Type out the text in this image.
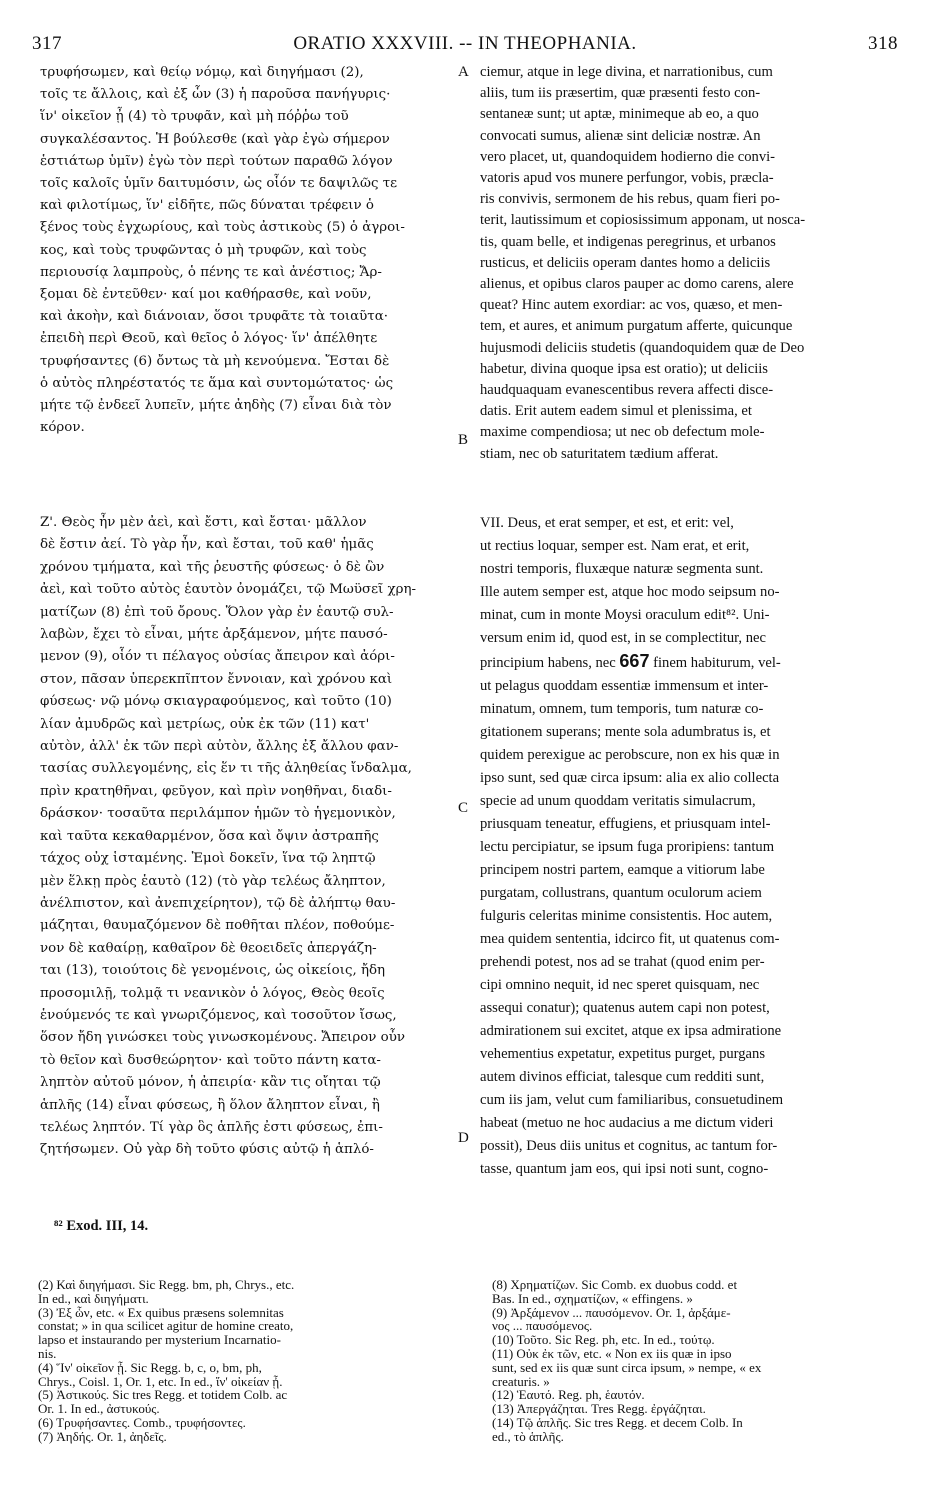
317	ORATIO XXXVIII. -- IN THEOPHANIA.	318
τρυφήσωμεν, καὶ θείῳ νόμῳ, καὶ διηγήμασι (2),
τοῖς τε ἄλλοις, καὶ ἐξ ὧν (3) ἡ παροῦσα πανήγυρις·
ἵν' οἰκεῖον ᾖ (4) τὸ τρυφᾶν, καὶ μὴ πόῤῥω τοῦ
συγκαλέσαντος. Ἡ βούλεσθε (καὶ γὰρ ἐγὼ σήμερον
ἑστιάτωρ ὑμῖν) ἐγὼ τὸν περὶ τούτων παραθῶ λόγον
τοῖς καλοῖς ὑμῖν δαιτυμόσιν, ὡς οἷόν τε δαψιλῶς τε
καὶ φιλοτίμως, ἵν' εἰδῆτε, πῶς δύναται τρέφειν ὁ
ξένος τοὺς ἐγχωρίους, καὶ τοὺς ἀστικοὺς (5) ὁ ἀγροι-
κος, καὶ τοὺς τρυφῶντας ὁ μὴ τρυφῶν, καὶ τοὺς
περιουσίᾳ λαμπροὺς, ὁ πένης τε καὶ ἀνέστιος; Ἄρ-
ξομαι δὲ ἐντεῦθεν· καί μοι καθήρασθε, καὶ νοῦν,
καὶ ἀκοὴν, καὶ διάνοιαν, ὅσοι τρυφᾶτε τὰ τοιαῦτα·
ἐπειδὴ περὶ Θεοῦ, καὶ θεῖος ὁ λόγος· ἵν' ἀπέλθητε
τρυφήσαντες (6) ὄντως τὰ μὴ κενούμενα. Ἔσται δὲ
ὁ αὐτὸς πληρέστατός τε ἅμα καὶ συντομώτατος· ὡς
μήτε τῷ ἐνδεεῖ λυπεῖν, μήτε ἀηδὴς (7) εἶναι διὰ τὸν
κόρον.
ciemur, atque in lege divina, et narrationibus, cum
aliis, tum iis præsertim, quæ præsenti festo con-
sentaneæ sunt; ut aptæ, minimeque ab eo, a quo
convocati sumus, alienæ sint deliciæ nostræ. An
vero placet, ut, quandoquidem hodierno die convi-
vatoris apud vos munere perfungor, vobis, præcla-
ris convivis, sermonem de his rebus, quam fieri po-
terit, lautissimum et copiosissimum apponam, ut nosca-
tis, quam belle, et indigenas peregrinus, et urbanos
rusticus, et deliciis operam dantes homo a deliciis
alienus, et opibus claros pauper ac domo carens, alere
queat? Hinc autem exordiar: ac vos, quæso, et men-
tem, et aures, et animum purgatum afferte, quicunque
hujusmodi deliciis studetis (quandoquidem quæ de Deo
habetur, divina quoque ipsa est oratio); ut deliciis
haudquaquam evanescentibus revera affecti disce-
datis. Erit autem eadem simul et plenissima, et
maxime compendiosa; ut nec ob defectum mole-
stiam, nec ob saturitatem tædium afferat.
A
B
C
D
Ζ'. Θεὸς ἦν μὲν ἀεὶ, καὶ ἔστι, καὶ ἔσται· μᾶλλον
δὲ ἔστιν ἀεί. Τὸ γὰρ ἦν, καὶ ἔσται, τοῦ καθ' ἡμᾶς
χρόνου τμήματα, καὶ τῆς ῥευστῆς φύσεως· ὁ δὲ ὢν
ἀεὶ, καὶ τοῦτο αὐτὸς ἑαυτὸν ὀνομάζει, τῷ Μωϋσεῖ χρη-
ματίζων (8) ἐπὶ τοῦ ὄρους. Ὅλον γὰρ ἐν ἑαυτῷ συλ-
λαβὼν, ἔχει τὸ εἶναι, μήτε ἀρξάμενον, μήτε παυσό-
μενον (9), οἷόν τι πέλαγος οὐσίας ἄπειρον καὶ ἀόρι-
στον, πᾶσαν ὑπερεκπῖπτον ἔννοιαν, καὶ χρόνου καὶ
φύσεως· νῷ μόνῳ σκιαγραφούμενος, καὶ τοῦτο (10)
λίαν ἀμυδρῶς καὶ μετρίως, οὐκ ἐκ τῶν (11) κατ'
αὐτὸν, ἀλλ' ἐκ τῶν περὶ αὐτὸν, ἄλλης ἐξ ἄλλου φαν-
τασίας συλλεγομένης, εἰς ἕν τι τῆς ἀληθείας ἴνδαλμα,
πρὶν κρατηθῆναι, φεῦγον, καὶ πρὶν νοηθῆναι, διαδι-
δράσκον· τοσαῦτα περιλάμπον ἡμῶν τὸ ἡγεμονικὸν,
καὶ ταῦτα κεκαθαρμένον, ὅσα καὶ ὄψιν ἀστραπῆς
τάχος οὐχ ἱσταμένης. Ἐμοὶ δοκεῖν, ἵνα τῷ ληπτῷ
μὲν ἕλκῃ πρὸς ἑαυτὸ (12) (τὸ γὰρ τελέως ἄληπτον,
ἀνέλπιστον, καὶ ἀνεπιχείρητον), τῷ δὲ ἀλήπτῳ θαυ-
μάζηται, θαυμαζόμενον δὲ ποθῆται πλέον, ποθούμε-
νον δὲ καθαίρῃ, καθαῖρον δὲ θεοειδεῖς ἀπεργάζη-
ται (13), τοιούτοις δὲ γενομένοις, ὡς οἰκείοις, ἤδη
προσομιλῇ, τολμᾷ τι νεανικὸν ὁ λόγος, Θεὸς θεοῖς
ἑνούμενός τε καὶ γνωριζόμενος, καὶ τοσοῦτον ἴσως,
ὅσον ἤδη γινώσκει τοὺς γινωσκομένους. Ἄπειρον οὖν
τὸ θεῖον καὶ δυσθεώρητον· καὶ τοῦτο πάντη κατα-
ληπτὸν αὐτοῦ μόνον, ἡ ἀπειρία· κἂν τις οἴηται τῷ
ἁπλῆς (14) εἶναι φύσεως, ἢ ὅλον ἄληπτον εἶναι, ἢ
τελέως ληπτόν. Τί γὰρ ὃς ἁπλῆς ἐστι φύσεως, ἐπι-
ζητήσωμεν. Οὐ γὰρ δὴ τοῦτο φύσις αὐτῷ ἡ ἁπλό-
VII. Deus, et erat semper, et est, et erit: vel,
ut rectius loquar, semper est. Nam erat, et erit,
nostri temporis, fluxæque naturæ segmenta sunt.
Ille autem semper est, atque hoc modo seipsum no-
minat, cum in monte Moysi oraculum edit⁸². Uni-
versum enim id, quod est, in se complectitur, nec
principium habens, nec 667 finem habiturum, vel-
ut pelagus quoddam essentiæ immensum et inter-
minatum, omnem, tum temporis, tum naturæ co-
gitationem superans; mente sola adumbratus is, et
quidem perexigue ac perobscure, non ex his quæ in
ipso sunt, sed quæ circa ipsum: alia ex alio collecta
specie ad unum quoddam veritatis simulacrum,
priusquam teneatur, effugiens, et priusquam intel-
lectu percipiatur, se ipsum fuga proripiens: tantum
principem nostri partem, eamque a vitiorum labe
purgatam, collustrans, quantum oculorum aciem
fulguris celeritas minime consistentis. Hoc autem,
mea quidem sententia, idcirco fit, ut quatenus com-
prehendi potest, nos ad se trahat (quod enim per-
cipi omnino nequit, id nec speret quisquam, nec
assequi conatur); quatenus autem capi non potest,
admirationem sui excitet, atque ex ipsa admiratione
vehementius expetatur, expetitus purget, purgans
autem divinos efficiat, talesque cum redditi sunt,
cum iis jam, velut cum familiaribus, consuetudinem
habeat (metuo ne hoc audacius a me dictum videri
possit), Deus diis unitus et cognitus, ac tantum for-
tasse, quantum jam eos, qui ipsi noti sunt, cogno-
⁸² Exod. III, 14.
(2) Καὶ διηγήμασι. Sic Regg. bm, ph, Chrys., etc.
In ed., καὶ διηγήματι.
(3) Ἐξ ὧν, etc. « Ex quibus præsens solemnitas
constat; » in qua scilicet agitur de homine creato,
lapso et instaurando per mysterium Incarnatio-
nis.
(4) Ἵν' οἰκεῖον ᾖ. Sic Regg. b, c, o, bm, ph,
Chrys., Coisl. 1, Or. 1, etc. In ed., ἵν' οἰκείαν ᾖ.
(5) Ἀστικούς. Sic tres Regg. et totidem Colb. ac
Or. 1. In ed., ἀστυκούς.
(6) Τρυφήσαντες. Comb., τρυφήσοντες.
(7) Ἀηδής. Or. 1, ἀηδεῖς.
(8) Χρηματίζων. Sic Comb. ex duobus codd. et
Bas. In ed., σχηματίζων, « effingens. »
(9) Ἀρξάμενον ... παυσόμενον. Or. 1, ἀρξάμε-
νος ... παυσόμενος.
(10) Τοῦτο. Sic Reg. ph, etc. In ed., τούτῳ.
(11) Οὐκ ἐκ τῶν, etc. « Non ex iis quæ in ipso
sunt, sed ex iis quæ sunt circa ipsum, » nempe, « ex
creaturis. »
(12) Ἑαυτό. Reg. ph, ἑαυτόν.
(13) Ἀπεργάζηται. Tres Regg. ἐργάζηται.
(14) Τῷ ἁπλῆς. Sic tres Regg. et decem Colb. In
ed., τὸ ἁπλῆς.
